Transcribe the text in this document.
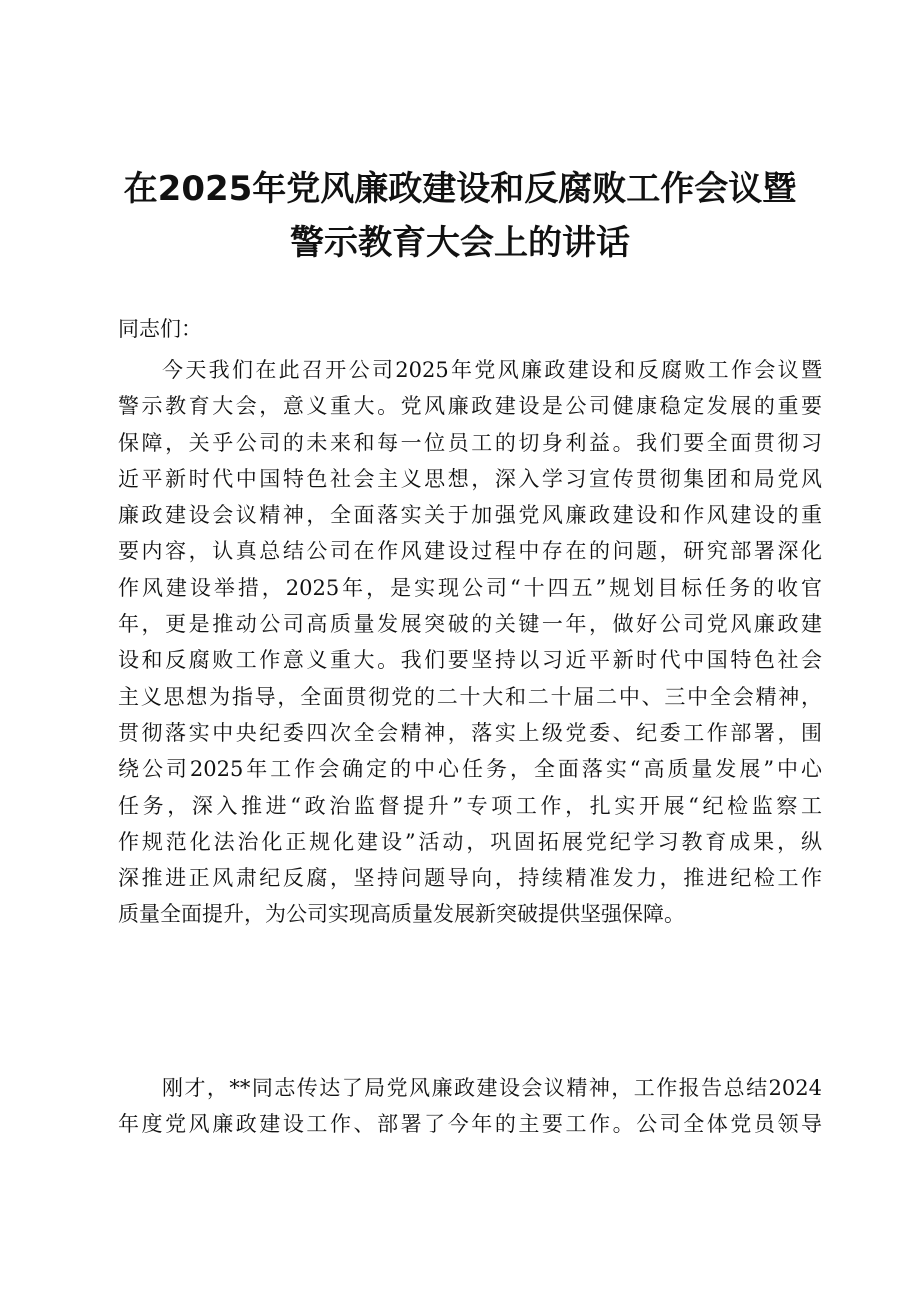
在2025年党风廉政建设和反腐败工作会议暨
警示教育大会上的讲话

同志们：

今天我们在此召开公司2025年党风廉政建设和反腐败工作会议暨
警示教育大会，意义重大。党风廉政建设是公司健康稳定发展的重要
保障，关乎公司的未来和每一位员工的切身利益。我们要全面贯彻习
近平新时代中国特色社会主义思想，深入学习宣传贯彻集团和局党风
廉政建设会议精神，全面落实关于加强党风廉政建设和作风建设的重
要内容，认真总结公司在作风建设过程中存在的问题，研究部署深化
作风建设举措，2025年，是实现公司“十四五”规划目标任务的收官
年，更是推动公司高质量发展突破的关键一年，做好公司党风廉政建
设和反腐败工作意义重大。我们要坚持以习近平新时代中国特色社会
主义思想为指导，全面贯彻党的二十大和二十届二中、三中全会精神，
贯彻落实中央纪委四次全会精神，落实上级党委、纪委工作部署，围
绕公司2025年工作会确定的中心任务，全面落实“高质量发展”中心
任务，深入推进“政治监督提升”专项工作，扎实开展“纪检监察工
作规范化法治化正规化建设”活动，巩固拓展党纪学习教育成果，纵
深推进正风肃纪反腐，坚持问题导向，持续精准发力，推进纪检工作
质量全面提升，为公司实现高质量发展新突破提供坚强保障。
刚才，**同志传达了局党风廉政建设会议精神，工作报告总结2024
年度党风廉政建设工作、部署了今年的主要工作。公司全体党员领导
